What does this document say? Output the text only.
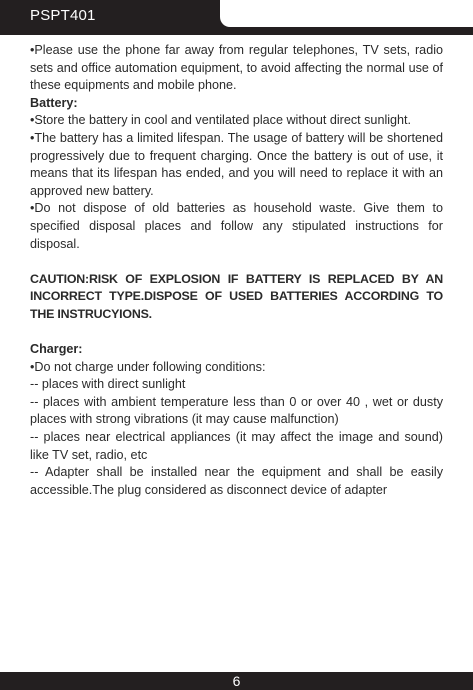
PSPT401

•Please use the phone far away from regular telephones, TV sets, radio sets and office automation equipment, to avoid affecting the normal use of these equipments and mobile phone.

Battery:

•Store the battery in cool and ventilated place without direct sunlight.

•The battery has a limited lifespan. The usage of battery will be shortened progressively due to frequent charging. Once the battery is out of use, it means that its lifespan has ended, and you will need to replace it with an approved new battery.

•Do not dispose of old batteries as household waste. Give them to specified disposal places and follow any stipulated instructions for disposal.

CAUTION:RISK OF EXPLOSION IF BATTERY IS REPLACED BY AN INCORRECT TYPE.DISPOSE OF USED BATTERIES ACCORDING TO THE INSTRUCYIONS.

Charger:

•Do not charge under following conditions:

-- places with direct sunlight

-- places with ambient temperature less than 0 or over 40 , wet or dusty places with strong vibrations (it may cause malfunction)

-- places near electrical appliances (it may affect the image and sound) like TV set, radio, etc

-- Adapter shall be installed near the equipment and shall be easily accessible.The plug considered as disconnect device of adapter

6
